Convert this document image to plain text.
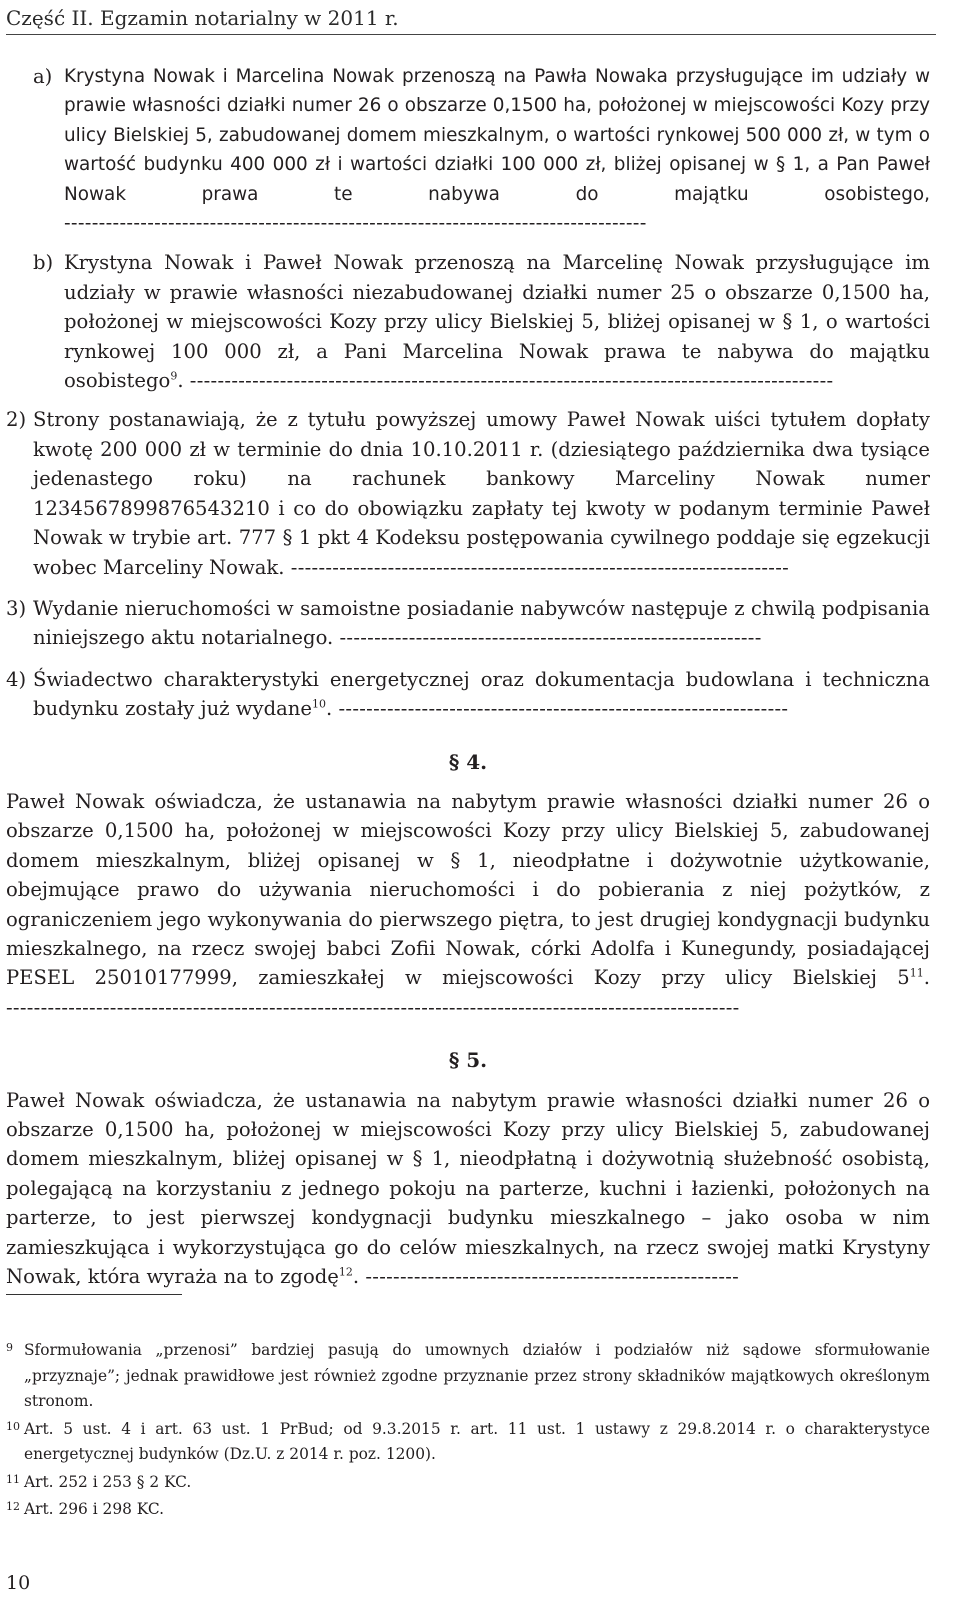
Część II. Egzamin notarialny w 2011 r.
a) Krystyna Nowak i Marcelina Nowak przenoszą na Pawła Nowaka przysługujące im udziały w prawie własności działki numer 26 o obszarze 0,1500 ha, położonej w miejscowości Kozy przy ulicy Bielskiej 5, zabudowanej domem mieszkalnym, o wartości rynkowej 500 000 zł, w tym o wartość budynku 400 000 zł i wartości działki 100 000 zł, bliżej opisanej w § 1, a Pan Paweł Nowak prawa te nabywa do majątku osobistego, ------------------------------------------------------------------------------------

b) Krystyna Nowak i Paweł Nowak przenoszą na Marcelinę Nowak przysługujące im udziały w prawie własności niezabudowanej działki numer 25 o obszarze 0,1500 ha, położonej w miejscowości Kozy przy ulicy Bielskiej 5, bliżej opisanej w § 1, o wartości rynkowej 100 000 zł, a Pani Marcelina Nowak prawa te nabywa do majątku osobistego$^9$. ---------------------------------------------------------------------------------------------

2) Strony postanawiają, że z tytułu powyższej umowy Paweł Nowak uiści tytułem dopłaty kwotę 200 000 zł w terminie do dnia 10.10.2011 r. (dziesiątego października dwa tysiące jedenastego roku) na rachunek bankowy Marceliny Nowak numer 1234567899876543210 i co do obowiązku zapłaty tej kwoty w podanym terminie Paweł Nowak w trybie art. 777 § 1 pkt 4 Kodeksu postępowania cywilnego poddaje się egzekucji wobec Marceliny Nowak. ------------------------------------------------------------------------

3) Wydanie nieruchomości w samoistne posiadanie nabywców następuje z chwilą podpisania niniejszego aktu notarialnego. -------------------------------------------------------------

4) Świadectwo charakterystyki energetycznej oraz dokumentacja budowlana i techniczna budynku zostały już wydane$^{10}$. -----------------------------------------------------------------

§ 4.

Paweł Nowak oświadcza, że ustanawia na nabytym prawie własności działki numer 26 o obszarze 0,1500 ha, położonej w miejscowości Kozy przy ulicy Bielskiej 5, zabudowanej domem mieszkalnym, bliżej opisanej w § 1, nieodpłatne i dożywotnie użytkowanie, obejmujące prawo do używania nieruchomości i do pobierania z niej pożytków, z ograniczeniem jego wykonywania do pierwszego piętra, to jest drugiej kondygnacji budynku mieszkalnego, na rzecz swojej babci Zofii Nowak, córki Adolfa i Kunegundy, posiadającej PESEL 25010177999, zamieszkałej w miejscowości Kozy przy ulicy Bielskiej $5^{11}$. ----------------------------------------------------------------------------------------------------------

§ 5.

Paweł Nowak oświadcza, że ustanawia na nabytym prawie własności działki numer 26 o obszarze 0,1500 ha, położonej w miejscowości Kozy przy ulicy Bielskiej 5, zabudowanej domem mieszkalnym, bliżej opisanej w § 1, nieodpłatną i dożywotnią służebność osobistą, polegającą na korzystaniu z jednego pokoju na parterze, kuchni i łazienki, położonych na parterze, to jest pierwszej kondygnacji budynku mieszkalnego – jako osoba w nim zamieszkująca i wykorzystująca go do celów mieszkalnych, na rzecz swojej matki Krystyny Nowak, która wyraża na to zgodę$^{12}$. ------------------------------------------------------

9 Sformułowania „przenosi” bardziej pasują do umownych działów i podziałów niż sądowe sformułowanie „przyznaje”; jednak prawidłowe jest również zgodne przyznanie przez strony składników majątkowych określonym stronom.
10 Art. 5 ust. 4 i art. 63 ust. 1 PrBud; od 9.3.2015 r. art. 11 ust. 1 ustawy z 29.8.2014 r. o charakterystyce energetycznej budynków (Dz.U. z 2014 r. poz. 1200).
11 Art. 252 i 253 § 2 KC.
12 Art. 296 i 298 KC.
10
